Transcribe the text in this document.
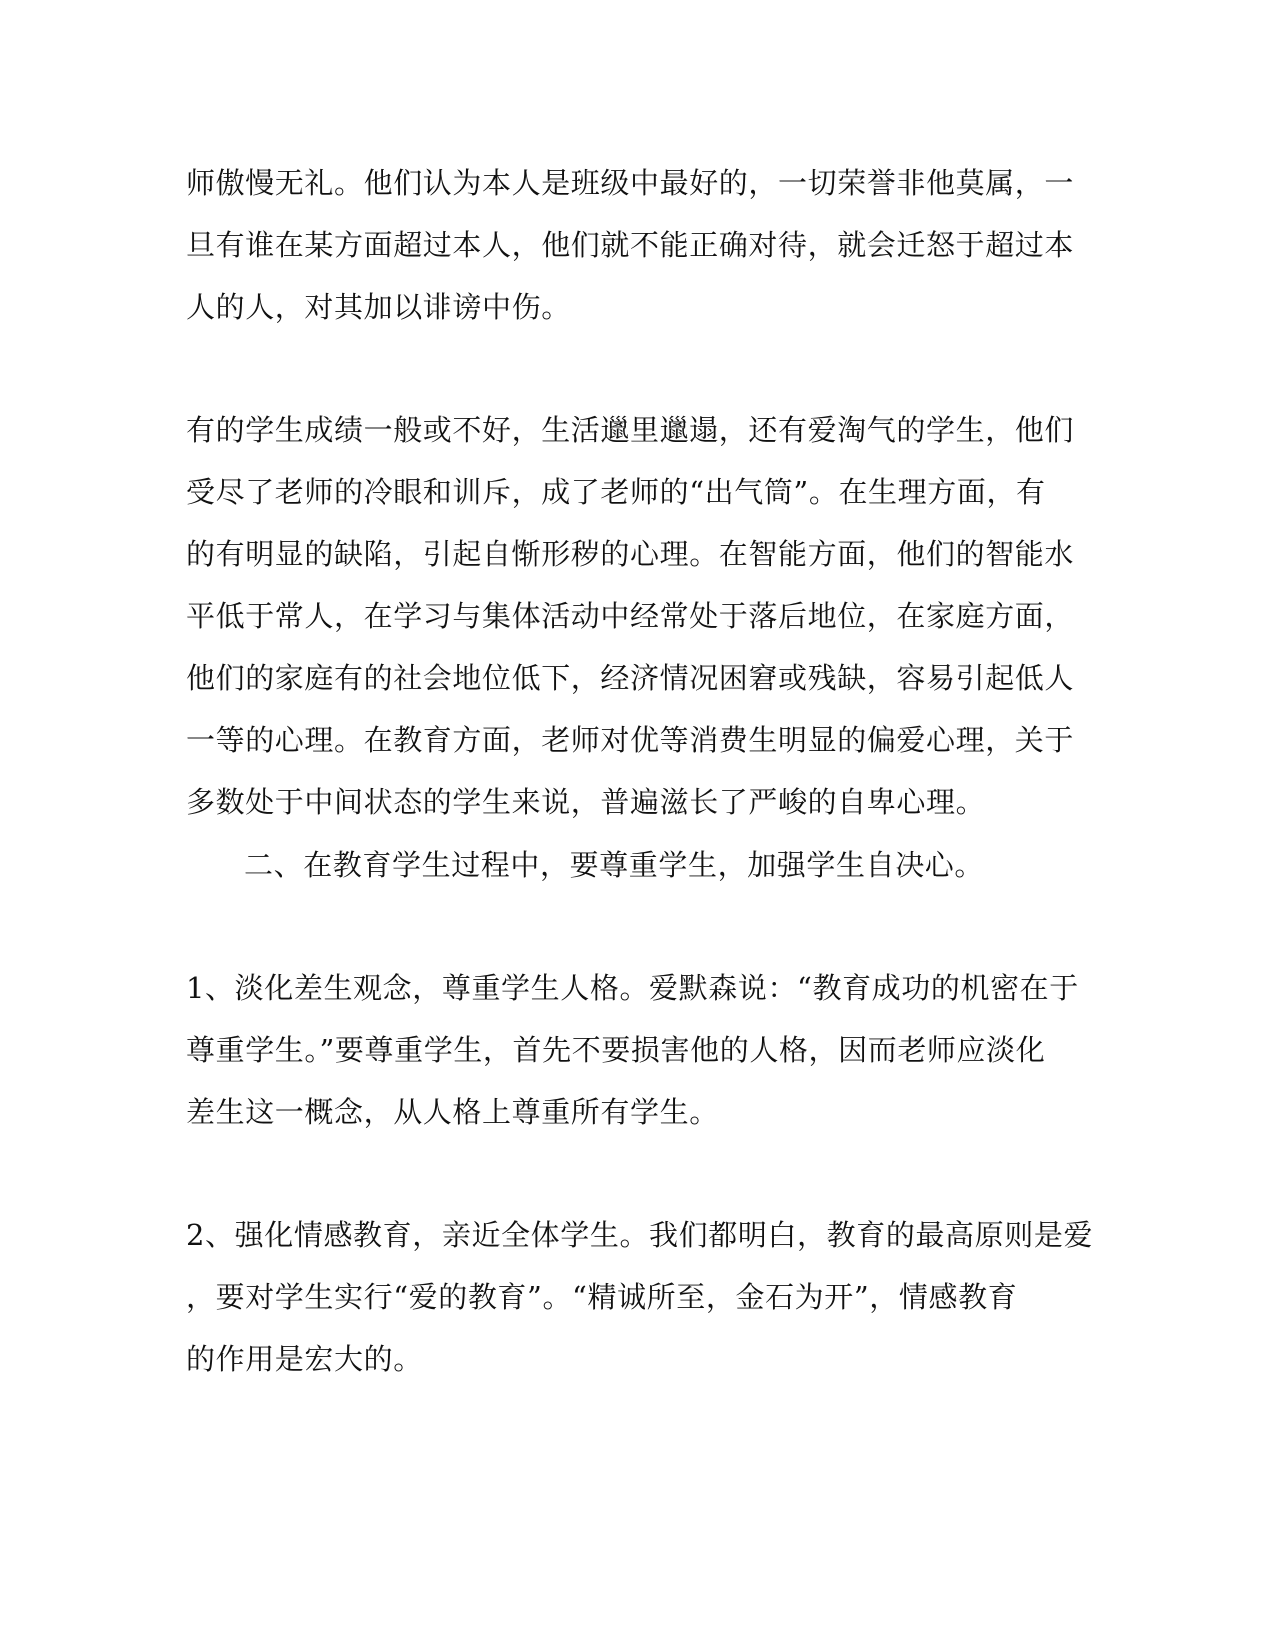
师傲慢无礼。他们认为本人是班级中最好的，一切荣誉非他莫属，一
旦有谁在某方面超过本人，他们就不能正确对待，就会迁怒于超过本
人的人，对其加以诽谤中伤。
有的学生成绩一般或不好，生活邋里邋遢，还有爱淘气的学生，他们
受尽了老师的冷眼和训斥，成了老师的“出气筒”。在生理方面，有
的有明显的缺陷，引起自惭形秽的心理。在智能方面，他们的智能水
平低于常人，在学习与集体活动中经常处于落后地位，在家庭方面，
他们的家庭有的社会地位低下，经济情况困窘或残缺，容易引起低人
一等的心理。在教育方面，老师对优等消费生明显的偏爱心理，关于
多数处于中间状态的学生来说，普遍滋长了严峻的自卑心理。
二、在教育学生过程中，要尊重学生，加强学生自决心。
1、淡化差生观念，尊重学生人格。爱默森说：“教育成功的机密在于
尊重学生。”要尊重学生，首先不要损害他的人格，因而老师应淡化
差生这一概念，从人格上尊重所有学生。
2、强化情感教育，亲近全体学生。我们都明白，教育的最高原则是爱
，要对学生实行“爱的教育”。“精诚所至，金石为开”，情感教育
的作用是宏大的。
